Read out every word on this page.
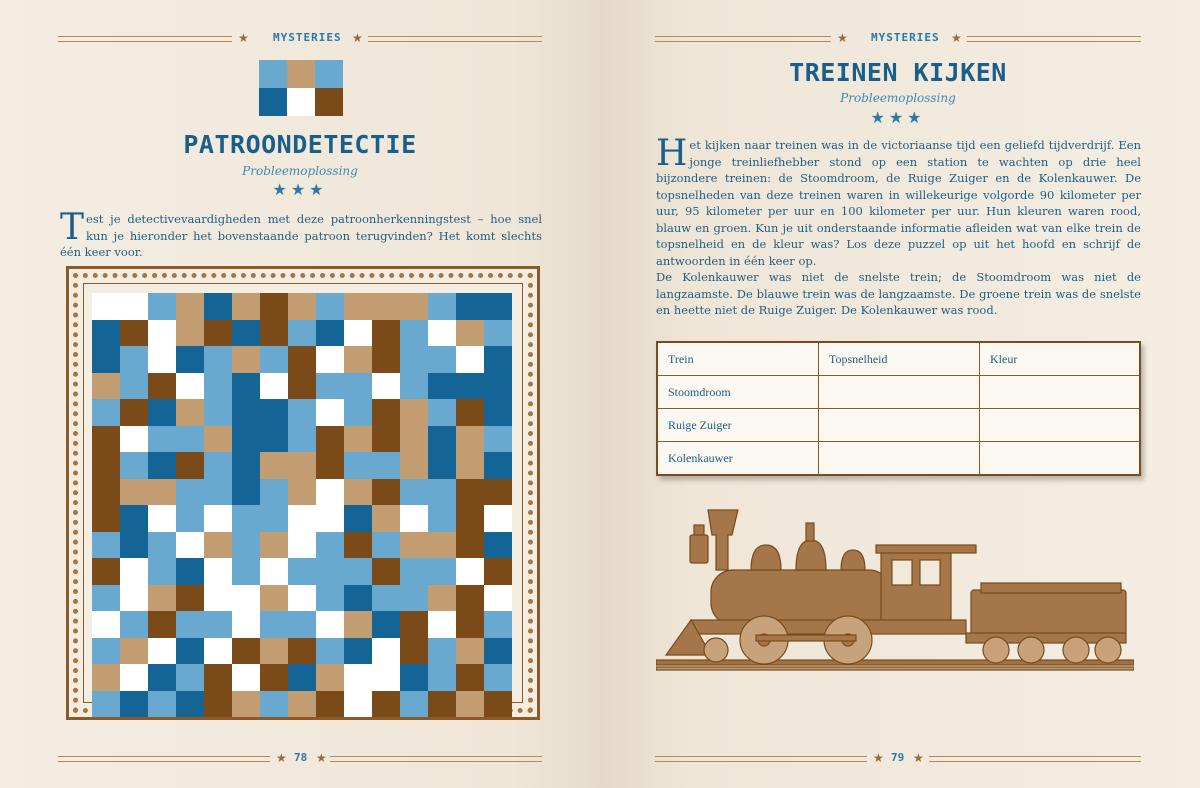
★ MYSTERIES ★
PATROONDETECTIE
Probleemoplossing
★★★
T est je detectivevaardigheden met deze patroonherkenningstest – hoe snel kun je hieronder het bovenstaande patroon terugvinden? Het komt slechts één keer voor.
★ 78 ★
★ MYSTERIES ★
TREINEN KIJKEN
Probleemoplossing
★★★
H et kijken naar treinen was in de victoriaanse tijd een geliefd tijdverdrijf. Een jonge treinliefhebber stond op een station te wachten op drie heel bijzondere treinen: de Stoomdroom, de Ruige Zuiger en de Kolenkauwer. De topsnelheden van deze treinen waren in willekeurige volgorde 90 kilometer per uur, 95 kilometer per uur en 100 kilometer per uur. Hun kleuren waren rood, blauw en groen. Kun je uit onderstaande informatie afleiden wat van elke trein de topsnelheid en de kleur was? Los deze puzzel op uit het hoofd en schrijf de antwoorden in één keer op.
De Kolenkauwer was niet de snelste trein; de Stoomdroom was niet de langzaamste. De blauwe trein was de langzaamste. De groene trein was de snelste en heette niet de Ruige Zuiger. De Kolenkauwer was rood.
Trein	Topsnelheid	Kleur
Stoomdroom		
Ruige Zuiger		
Kolenkauwer		
★ 79 ★
